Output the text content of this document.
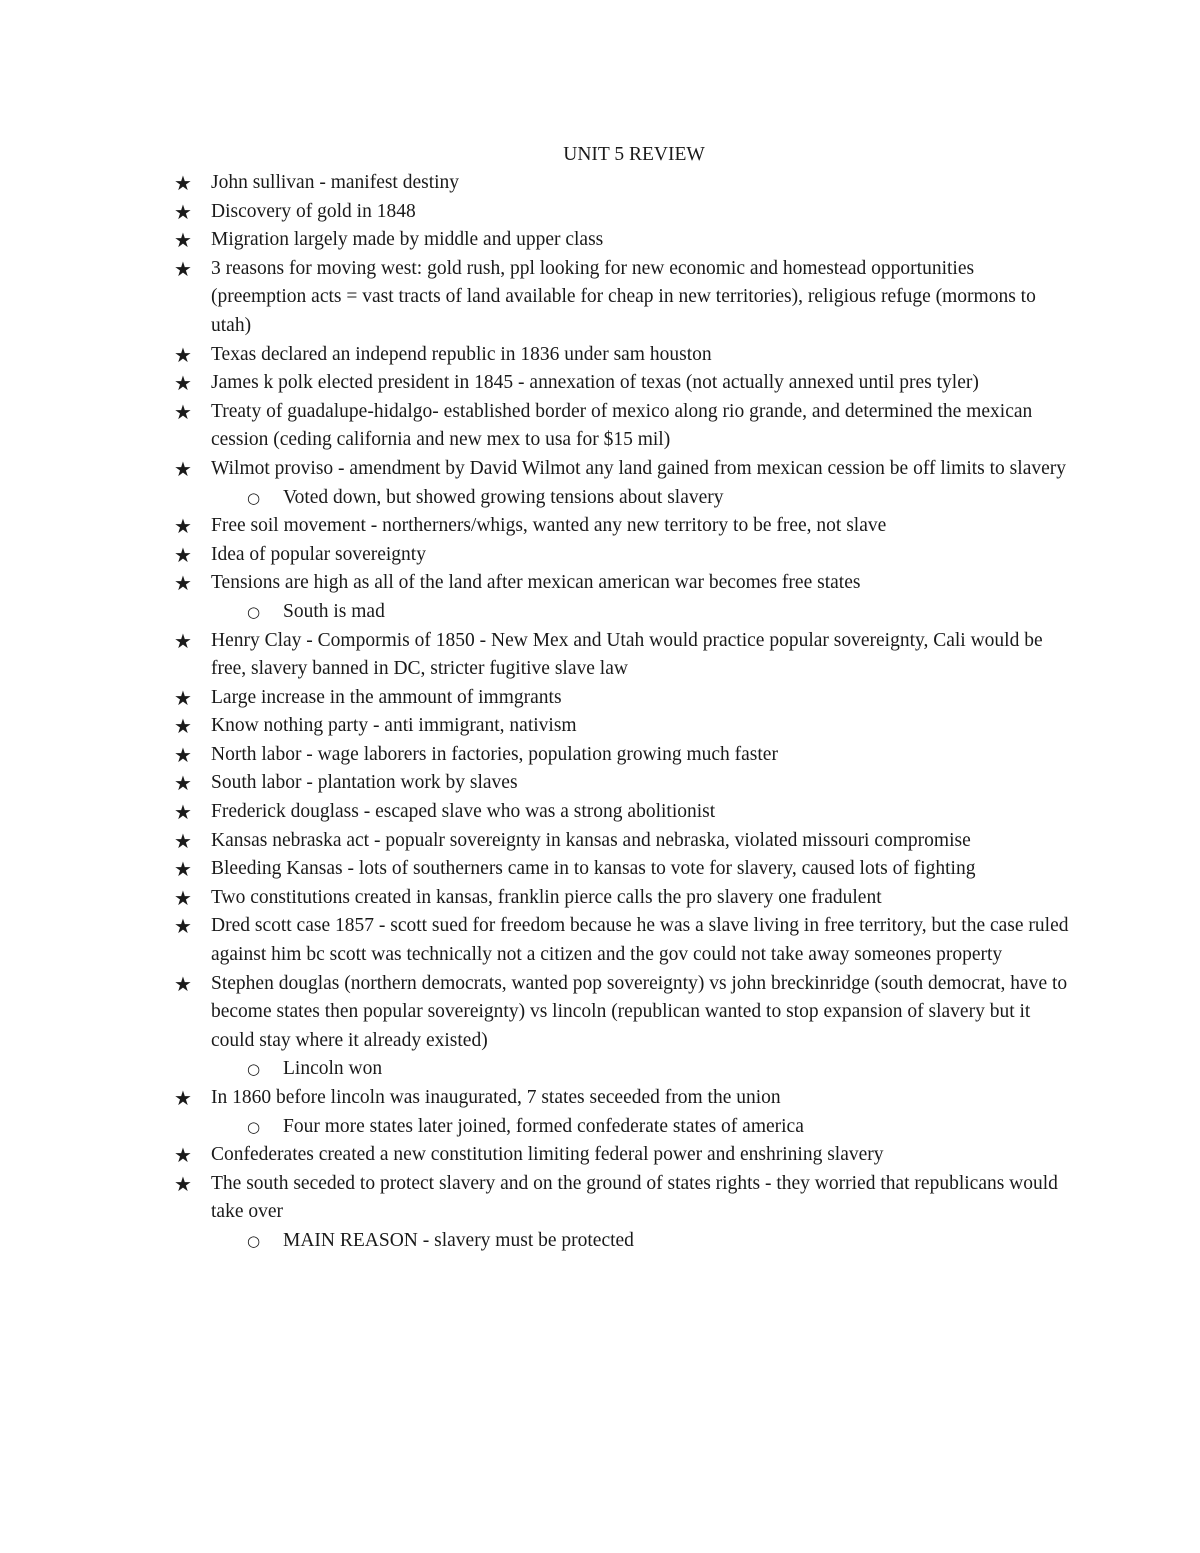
UNIT 5 REVIEW
★ John sullivan - manifest destiny
★ Discovery of gold in 1848
★ Migration largely made by middle and upper class
★ 3 reasons for moving west: gold rush, ppl looking for new economic and homestead opportunities (preemption acts = vast tracts of land available for cheap in new territories), religious refuge (mormons to utah)
★ Texas declared an independ republic in 1836 under sam houston
★ James k polk elected president in 1845 - annexation of texas (not actually annexed until pres tyler)
★ Treaty of guadalupe-hidalgo- established border of mexico along rio grande, and determined the mexican cession (ceding california and new mex to usa for $15 mil)
★ Wilmot proviso - amendment by David Wilmot any land gained from mexican cession be off limits to slavery
○ Voted down, but showed growing tensions about slavery
★ Free soil movement - northerners/whigs, wanted any new territory to be free, not slave
★ Idea of popular sovereignty
★ Tensions are high as all of the land after mexican american war becomes free states
○ South is mad
★ Henry Clay - Compormis of 1850 - New Mex and Utah would practice popular sovereignty, Cali would be free, slavery banned in DC, stricter fugitive slave law
★ Large increase in the ammount of immgrants
★ Know nothing party - anti immigrant, nativism
★ North labor - wage laborers in factories, population growing much faster
★ South labor - plantation work by slaves
★ Frederick douglass - escaped slave who was a strong abolitionist
★ Kansas nebraska act - popualr sovereignty in kansas and nebraska, violated missouri compromise
★ Bleeding Kansas - lots of southerners came in to kansas to vote for slavery, caused lots of fighting
★ Two constitutions created in kansas, franklin pierce calls the pro slavery one fradulent
★ Dred scott case 1857 - scott sued for freedom because he was a slave living in free territory, but the case ruled against him bc scott was technically not a citizen and the gov could not take away someones property
★ Stephen douglas (northern democrats, wanted pop sovereignty) vs john breckinridge (south democrat, have to become states then popular sovereignty) vs lincoln (republican wanted to stop expansion of slavery but it could stay where it already existed)
○ Lincoln won
★ In 1860 before lincoln was inaugurated, 7 states seceeded from the union
○ Four more states later joined, formed confederate states of america
★ Confederates created a new constitution limiting federal power and enshrining slavery
★ The south seceded to protect slavery and on the ground of states rights - they worried that republicans would take over
○ MAIN REASON - slavery must be protected
